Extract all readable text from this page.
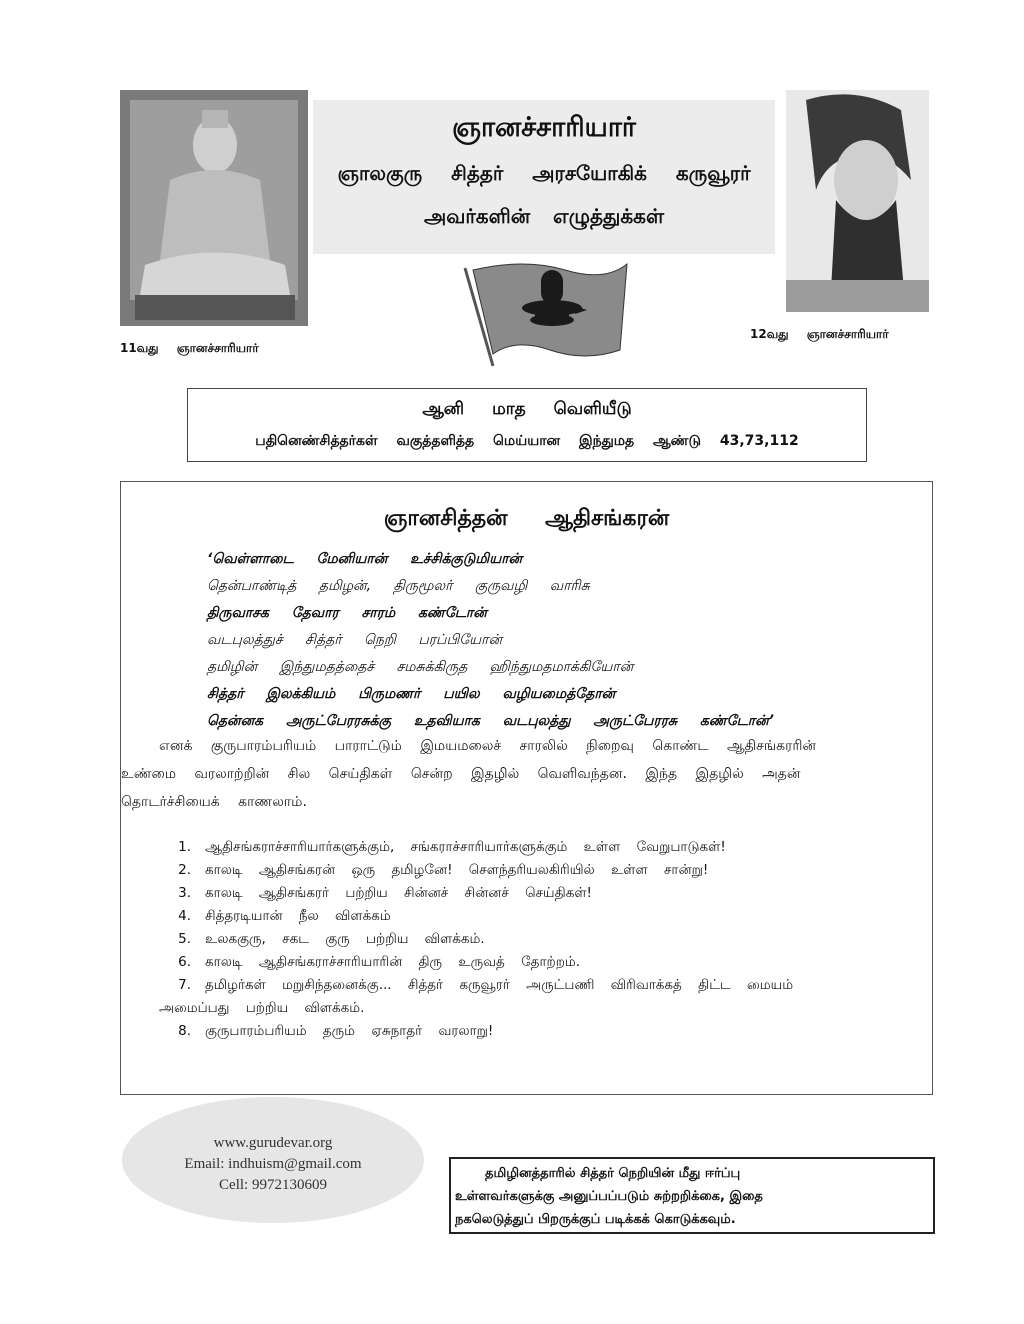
ஞானச்சாரியார்
ஞாலகுரு சித்தர் அரசயோகிக் கருவூரர்
அவர்களின் எழுத்துக்கள்
11வது ஞானச்சாரியார்
12வது ஞானச்சாரியார்
ஆனி மாத வெளியீடு
பதினெண்சித்தர்கள் வகுத்தளித்த மெய்யான இந்துமத ஆண்டு 43,73,112
ஞானசித்தன் ஆதிசங்கரன்
‘வெள்ளாடை மேனியான் உச்சிக்குடுமியான்
தென்பாண்டித் தமிழன், திருமூலர் குருவழி வாரிசு
திருவாசக தேவார சாரம் கண்டோன்
வடபுலத்துச் சித்தர் நெறி பரப்பியோன்
தமிழின் இந்துமதத்தைச் சமசுக்கிருத ஹிந்துமதமாக்கியோன்
சித்தர் இலக்கியம் பிருமணர் பயில வழியமைத்தோன்
தென்னக அருட்பேரரசுக்கு உதவியாக வடபுலத்து அருட்பேரரசு கண்டோன்’
எனக் குருபாரம்பரியம் பாராட்டும் இமயமலைச் சாரலில் நிறைவு கொண்ட ஆதிசங்கரரின்
உண்மை வரலாற்றின் சில செய்திகள் சென்ற இதழில் வெளிவந்தன. இந்த இதழில் அதன்
தொடர்ச்சியைக் காணலாம்.
1. ஆதிசங்கராச்சாரியார்களுக்கும், சங்கராச்சாரியார்களுக்கும் உள்ள வேறுபாடுகள்!
2. காலடி ஆதிசங்கரன் ஒரு தமிழனே! சௌந்தரியலகிரியில் உள்ள சான்று!
3. காலடி ஆதிசங்கரர் பற்றிய சின்னச் சின்னச் செய்திகள்!
4. சித்தரடியான் நீல விளக்கம்
5. உலககுரு, சகட குரு பற்றிய விளக்கம்.
6. காலடி ஆதிசங்கராச்சாரியாரின் திரு உருவத் தோற்றம்.
7. தமிழர்கள் மறுசிந்தனைக்கு... சித்தர் கருவூரர் அருட்பணி விரிவாக்கத் திட்ட மையம்
அமைப்பது பற்றிய விளக்கம்.
8. குருபாரம்பரியம் தரும் ஏசுநாதர் வரலாறு!
www.gurudevar.org
Email: indhuism@gmail.com
Cell: 9972130609
தமிழினத்தாரில் சித்தர் நெறியின் மீது ஈர்ப்பு
உள்ளவர்களுக்கு அனுப்பப்படும் சுற்றறிக்கை, இதை
நகலெடுத்துப் பிறருக்குப் படிக்கக் கொடுக்கவும்.
